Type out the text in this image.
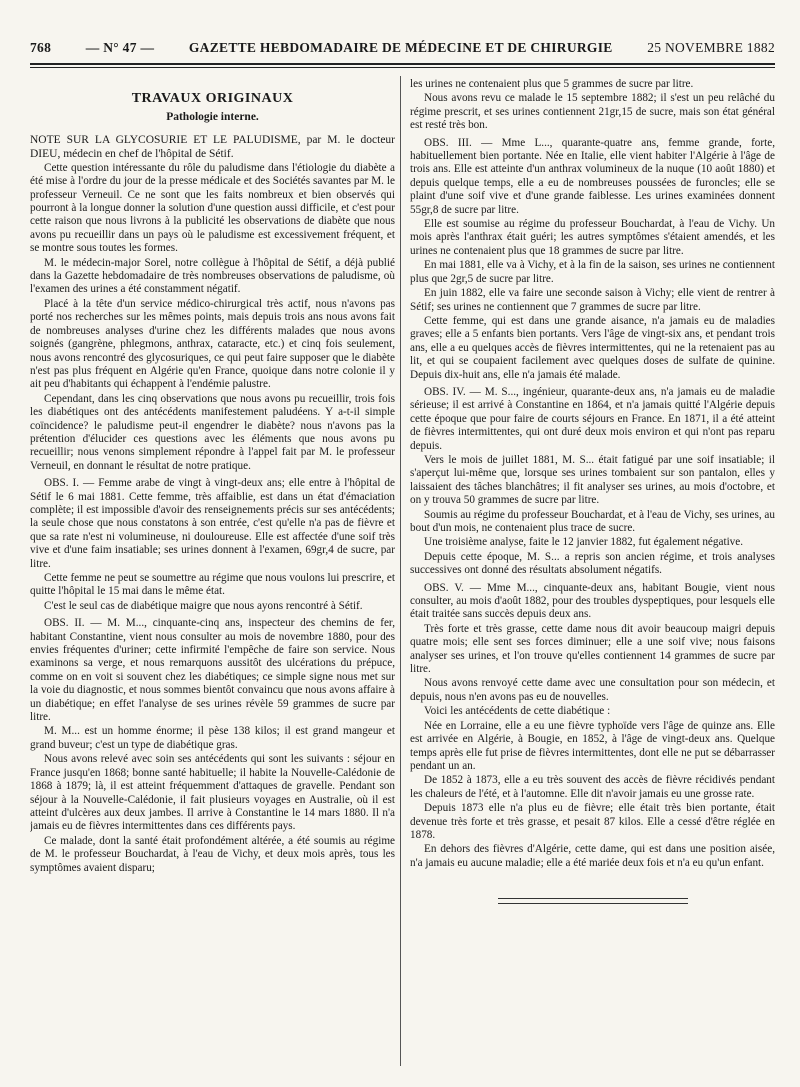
768	— N° 47 —	GAZETTE HEBDOMADAIRE DE MÉDECINE ET DE CHIRURGIE	25 NOVEMBRE 1882
TRAVAUX ORIGINAUX
Pathologie interne.

NOTE SUR LA GLYCOSURIE ET LE PALUDISME, par M. le docteur DIEU, médecin en chef de l'hôpital de Sétif.

Cette question intéressante du rôle du paludisme dans l'étiologie du diabète a été mise à l'ordre du jour de la presse médicale et des Sociétés savantes par M. le professeur Verneuil. Ce ne sont que les faits nombreux et bien observés qui pourront à la longue donner la solution d'une question aussi difficile, et c'est pour cette raison que nous livrons à la publicité les observations de diabète que nous avons pu recueillir dans un pays où le paludisme est excessivement fréquent, et se montre sous toutes les formes.

M. le médecin-major Sorel, notre collègue à l'hôpital de Sétif, a déjà publié dans la Gazette hebdomadaire de très nombreuses observations de paludisme, où l'examen des urines a été constamment négatif.

Placé à la tête d'un service médico-chirurgical très actif, nous n'avons pas porté nos recherches sur les mêmes points, mais depuis trois ans nous avons fait de nombreuses analyses d'urine chez les différents malades que nous avons soignés (gangrène, phlegmons, anthrax, cataracte, etc.) et cinq fois seulement, nous avons rencontré des glycosuriques, ce qui peut faire supposer que le diabète n'est pas plus fréquent en Algérie qu'en France, quoique dans notre colonie il y ait peu d'habitants qui échappent à l'endémie palustre.

Cependant, dans les cinq observations que nous avons pu recueillir, trois fois les diabétiques ont des antécédents manifestement paludéens. Y a-t-il simple coïncidence? le paludisme peut-il engendrer le diabète? nous n'avons pas la prétention d'élucider ces questions avec les éléments que nous avons pu recueillir; nous venons simplement répondre à l'appel fait par M. le professeur Verneuil, en donnant le résultat de notre pratique.

OBS. I. — Femme arabe de vingt à vingt-deux ans; elle entre à l'hôpital de Sétif le 6 mai 1881. Cette femme, très affaiblie, est dans un état d'émaciation complète; il est impossible d'avoir des renseignements précis sur ses antécédents; la seule chose que nous constatons à son entrée, c'est qu'elle n'a pas de fièvre et que sa rate n'est ni volumineuse, ni douloureuse. Elle est affectée d'une soif très vive et d'une faim insatiable; ses urines donnent à l'examen, 69gr,4 de sucre, par litre.

Cette femme ne peut se soumettre au régime que nous voulons lui prescrire, et quitte l'hôpital le 15 mai dans le même état.

C'est le seul cas de diabétique maigre que nous ayons rencontré à Sétif.

OBS. II. — M. M..., cinquante-cinq ans, inspecteur des chemins de fer, habitant Constantine, vient nous consulter au mois de novembre 1880, pour des envies fréquentes d'uriner; cette infirmité l'empêche de faire son service. Nous examinons sa verge, et nous remarquons aussitôt des ulcérations du prépuce, comme on en voit si souvent chez les diabétiques; ce simple signe nous met sur la voie du diagnostic, et nous sommes bientôt convaincu que nous avons affaire à un diabétique; en effet l'analyse de ses urines révèle 59 grammes de sucre par litre.

M. M... est un homme énorme; il pèse 138 kilos; il est grand mangeur et grand buveur; c'est un type de diabétique gras.

Nous avons relevé avec soin ses antécédents qui sont les suivants : séjour en France jusqu'en 1868; bonne santé habituelle; il habite la Nouvelle-Calédonie de 1868 à 1879; là, il est atteint fréquemment d'attaques de gravelle. Pendant son séjour à la Nouvelle-Calédonie, il fait plusieurs voyages en Australie, où il est atteint d'ulcères aux deux jambes. Il arrive à Constantine le 14 mars 1880. Il n'a jamais eu de fièvres intermittentes dans ces différents pays.

Ce malade, dont la santé était profondément altérée, a été soumis au régime de M. le professeur Bouchardat, à l'eau de Vichy, et deux mois après, tous les symptômes avaient disparu;

les urines ne contenaient plus que 5 grammes de sucre par litre.

Nous avons revu ce malade le 15 septembre 1882; il s'est un peu relâché du régime prescrit, et ses urines contiennent 21gr,15 de sucre, mais son état général est resté très bon.

OBS. III. — Mme L..., quarante-quatre ans, femme grande, forte, habituellement bien portante. Née en Italie, elle vient habiter l'Algérie à l'âge de trois ans. Elle est atteinte d'un anthrax volumineux de la nuque (10 août 1880) et depuis quelque temps, elle a eu de nombreuses poussées de furoncles; elle se plaint d'une soif vive et d'une grande faiblesse. Les urines examinées donnent 55gr,8 de sucre par litre.

Elle est soumise au régime du professeur Bouchardat, à l'eau de Vichy. Un mois après l'anthrax était guéri; les autres symptômes s'étaient amendés, et les urines ne contenaient plus que 18 grammes de sucre par litre.

En mai 1881, elle va à Vichy, et à la fin de la saison, ses urines ne contiennent plus que 2gr,5 de sucre par litre.

En juin 1882, elle va faire une seconde saison à Vichy; elle vient de rentrer à Sétif; ses urines ne contiennent que 7 grammes de sucre par litre.

Cette femme, qui est dans une grande aisance, n'a jamais eu de maladies graves; elle a 5 enfants bien portants. Vers l'âge de vingt-six ans, et pendant trois ans, elle a eu quelques accès de fièvres intermittentes, qui ne la retenaient pas au lit, et qui se coupaient facilement avec quelques doses de sulfate de quinine. Depuis dix-huit ans, elle n'a jamais été malade.

OBS. IV. — M. S..., ingénieur, quarante-deux ans, n'a jamais eu de maladie sérieuse; il est arrivé à Constantine en 1864, et n'a jamais quitté l'Algérie depuis cette époque que pour faire de courts séjours en France. En 1871, il a été atteint de fièvres intermittentes, qui ont duré deux mois environ et qui n'ont pas reparu depuis.

Vers le mois de juillet 1881, M. S... était fatigué par une soif insatiable; il s'aperçut lui-même que, lorsque ses urines tombaient sur son pantalon, elles y laissaient des tâches blanchâtres; il fit analyser ses urines, au mois d'octobre, et on y trouva 50 grammes de sucre par litre.

Soumis au régime du professeur Bouchardat, et à l'eau de Vichy, ses urines, au bout d'un mois, ne contenaient plus trace de sucre.

Une troisième analyse, faite le 12 janvier 1882, fut également négative.

Depuis cette époque, M. S... a repris son ancien régime, et trois analyses successives ont donné des résultats absolument négatifs.

OBS. V. — Mme M..., cinquante-deux ans, habitant Bougie, vient nous consulter, au mois d'août 1882, pour des troubles dyspeptiques, pour lesquels elle était traitée sans succès depuis deux ans.

Très forte et très grasse, cette dame nous dit avoir beaucoup maigri depuis quatre mois; elle sent ses forces diminuer; elle a une soif vive; nous faisons analyser ses urines, et l'on trouve qu'elles contiennent 14 grammes de sucre par litre.

Nous avons renvoyé cette dame avec une consultation pour son médecin, et depuis, nous n'en avons pas eu de nouvelles.

Voici les antécédents de cette diabétique :

Née en Lorraine, elle a eu une fièvre typhoïde vers l'âge de quinze ans. Elle est arrivée en Algérie, à Bougie, en 1852, à l'âge de vingt-deux ans. Quelque temps après elle fut prise de fièvres intermittentes, dont elle ne put se débarrasser pendant un an.

De 1852 à 1873, elle a eu très souvent des accès de fièvre récidivés pendant les chaleurs de l'été, et à l'automne. Elle dit n'avoir jamais eu une grosse rate.

Depuis 1873 elle n'a plus eu de fièvre; elle était très bien portante, était devenue très forte et très grasse, et pesait 87 kilos. Elle a cessé d'être réglée en 1878.

En dehors des fièvres d'Algérie, cette dame, qui est dans une position aisée, n'a jamais eu aucune maladie; elle a été mariée deux fois et n'a eu qu'un enfant.
